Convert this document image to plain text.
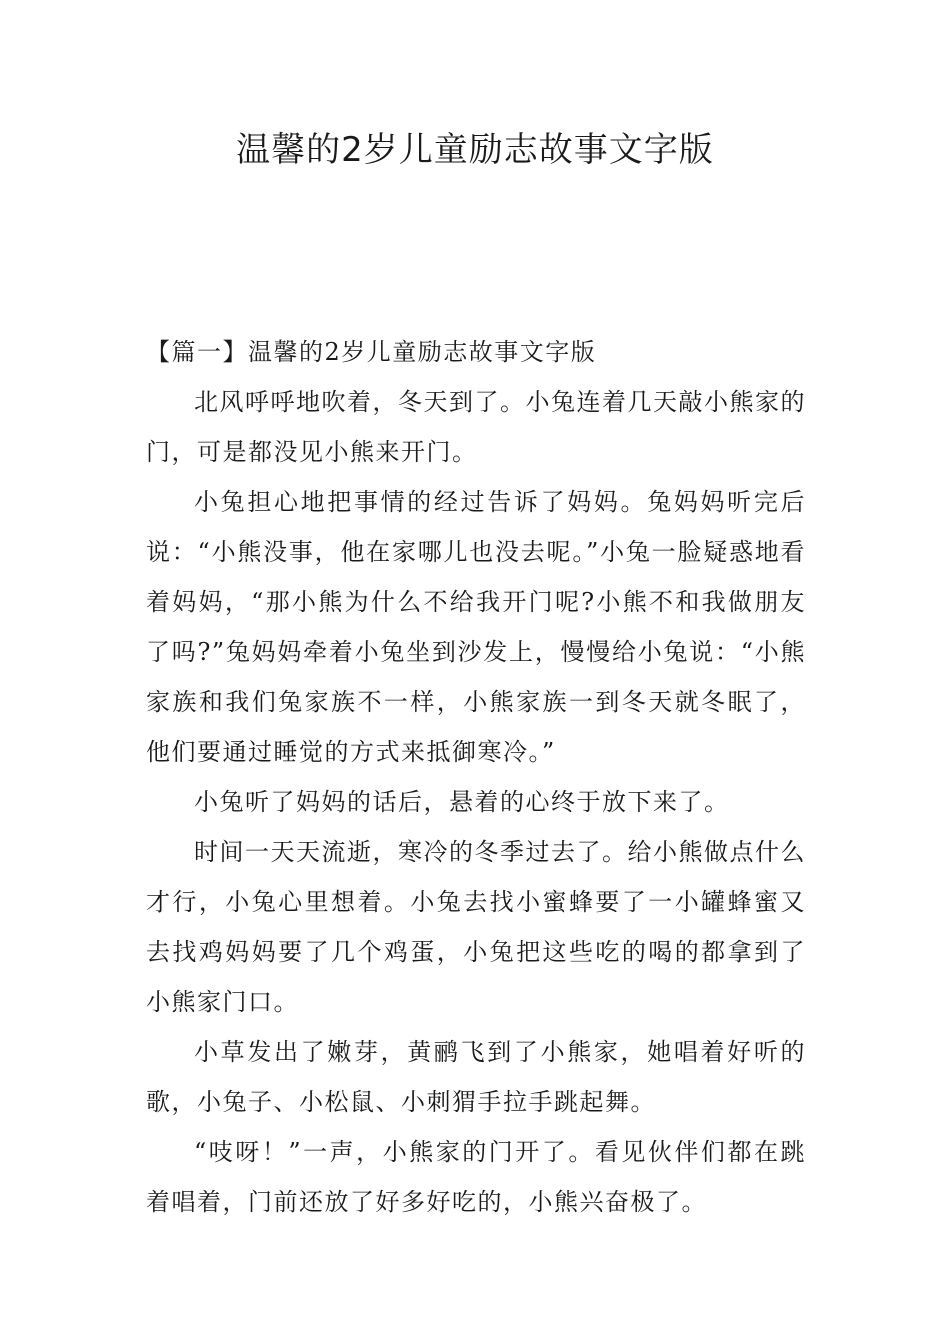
温馨的2岁儿童励志故事文字版
【篇一】温馨的2岁儿童励志故事文字版

北风呼呼地吹着，冬天到了。小兔连着几天敲小熊家的门，可是都没见小熊来开门。

小兔担心地把事情的经过告诉了妈妈。兔妈妈听完后说：“小熊没事，他在家哪儿也没去呢。”小兔一脸疑惑地看着妈妈，“那小熊为什么不给我开门呢?小熊不和我做朋友了吗?”兔妈妈牵着小兔坐到沙发上，慢慢给小兔说：“小熊家族和我们兔家族不一样，小熊家族一到冬天就冬眠了，他们要通过睡觉的方式来抵御寒冷。”

小兔听了妈妈的话后，悬着的心终于放下来了。

时间一天天流逝，寒冷的冬季过去了。给小熊做点什么才行，小兔心里想着。小兔去找小蜜蜂要了一小罐蜂蜜又去找鸡妈妈要了几个鸡蛋，小兔把这些吃的喝的都拿到了小熊家门口。

小草发出了嫩芽，黄鹂飞到了小熊家，她唱着好听的歌，小兔子、小松鼠、小刺猬手拉手跳起舞。

“吱呀！”一声，小熊家的门开了。看见伙伴们都在跳着唱着，门前还放了好多好吃的，小熊兴奋极了。
